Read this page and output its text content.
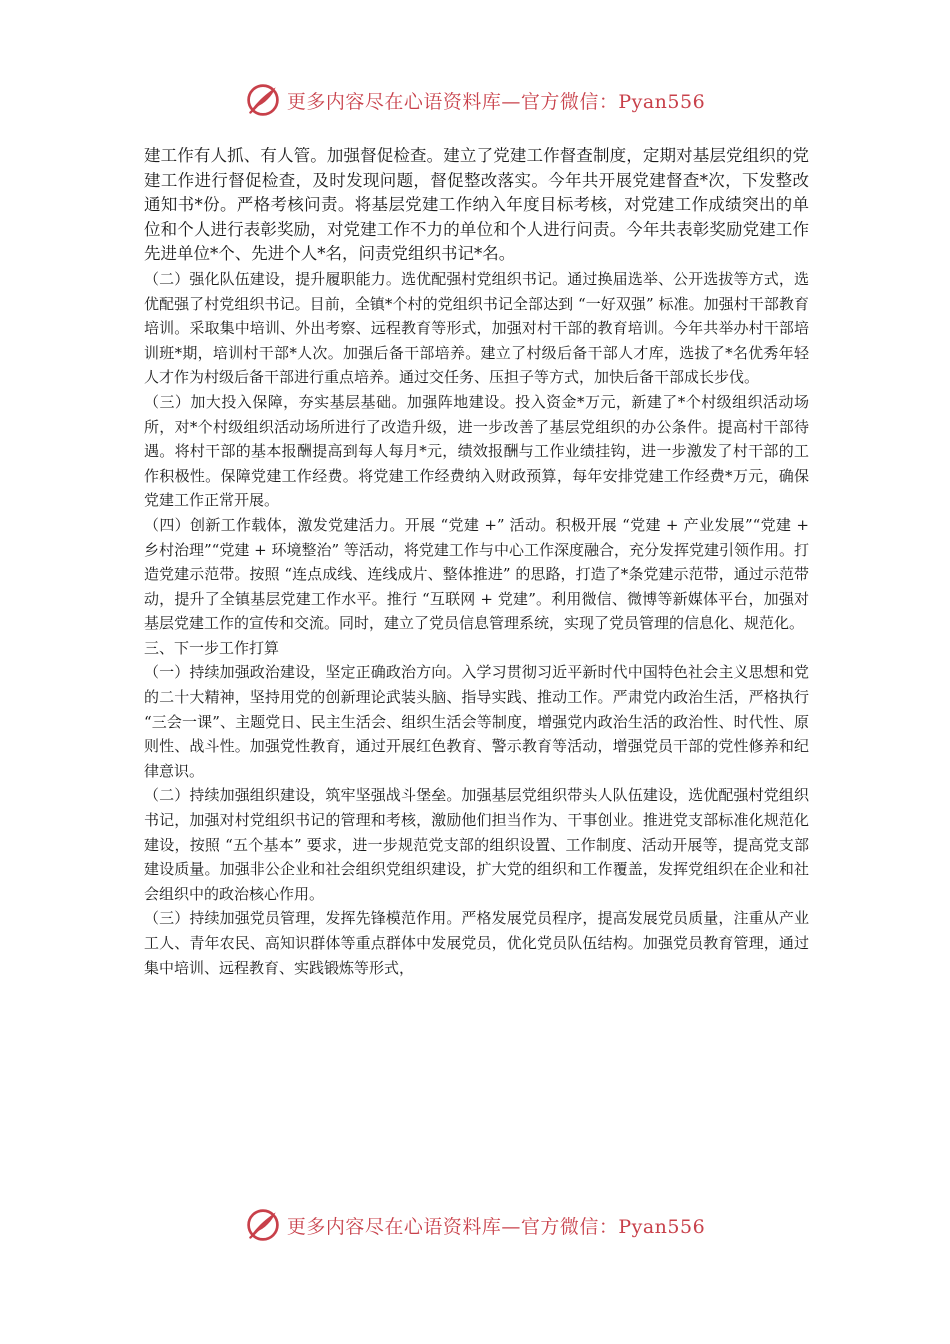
更多内容尽在心语资料库—官方微信：Pyan556

建工作有人抓、有人管。加强督促检查。建立了党建工作督查制度，定期对基层党组织的党建工作进行督促检查，及时发现问题，督促整改落实。今年共开展党建督查*次，下发整改通知书*份。严格考核问责。将基层党建工作纳入年度目标考核，对党建工作成绩突出的单位和个人进行表彰奖励，对党建工作不力的单位和个人进行问责。今年共表彰奖励党建工作先进单位*个、先进个人*名，问责党组织书记*名。

（二）强化队伍建设，提升履职能力。选优配强村党组织书记。通过换届选举、公开选拔等方式，选优配强了村党组织书记。目前，全镇*个村的党组织书记全部达到 “一好双强” 标准。加强村干部教育培训。采取集中培训、外出考察、远程教育等形式，加强对村干部的教育培训。今年共举办村干部培训班*期，培训村干部*人次。加强后备干部培养。建立了村级后备干部人才库，选拔了*名优秀年轻人才作为村级后备干部进行重点培养。通过交任务、压担子等方式，加快后备干部成长步伐。

（三）加大投入保障，夯实基层基础。加强阵地建设。投入资金*万元，新建了*个村级组织活动场所，对*个村级组织活动场所进行了改造升级，进一步改善了基层党组织的办公条件。提高村干部待遇。将村干部的基本报酬提高到每人每月*元，绩效报酬与工作业绩挂钩，进一步激发了村干部的工作积极性。保障党建工作经费。将党建工作经费纳入财政预算，每年安排党建工作经费*万元，确保党建工作正常开展。

（四）创新工作载体，激发党建活力。开展 “党建 +” 活动。积极开展 “党建 + 产业发展”“党建 + 乡村治理”“党建 + 环境整治” 等活动，将党建工作与中心工作深度融合，充分发挥党建引领作用。打造党建示范带。按照 “连点成线、连线成片、整体推进” 的思路，打造了*条党建示范带，通过示范带动，提升了全镇基层党建工作水平。推行 “互联网 + 党建”。利用微信、微博等新媒体平台，加强对基层党建工作的宣传和交流。同时，建立了党员信息管理系统，实现了党员管理的信息化、规范化。

三、下一步工作打算

（一）持续加强政治建设，坚定正确政治方向。入学习贯彻习近平新时代中国特色社会主义思想和党的二十大精神，坚持用党的创新理论武装头脑、指导实践、推动工作。严肃党内政治生活，严格执行 “三会一课”、主题党日、民主生活会、组织生活会等制度，增强党内政治生活的政治性、时代性、原则性、战斗性。加强党性教育，通过开展红色教育、警示教育等活动，增强党员干部的党性修养和纪律意识。

（二）持续加强组织建设，筑牢坚强战斗堡垒。加强基层党组织带头人队伍建设，选优配强村党组织书记，加强对村党组织书记的管理和考核，激励他们担当作为、干事创业。推进党支部标准化规范化建设，按照 “五个基本” 要求，进一步规范党支部的组织设置、工作制度、活动开展等，提高党支部建设质量。加强非公企业和社会组织党组织建设，扩大党的组织和工作覆盖，发挥党组织在企业和社会组织中的政治核心作用。

（三）持续加强党员管理，发挥先锋模范作用。严格发展党员程序，提高发展党员质量，注重从产业工人、青年农民、高知识群体等重点群体中发展党员，优化党员队伍结构。加强党员教育管理，通过集中培训、远程教育、实践锻炼等形式，

更多内容尽在心语资料库—官方微信：Pyan556
